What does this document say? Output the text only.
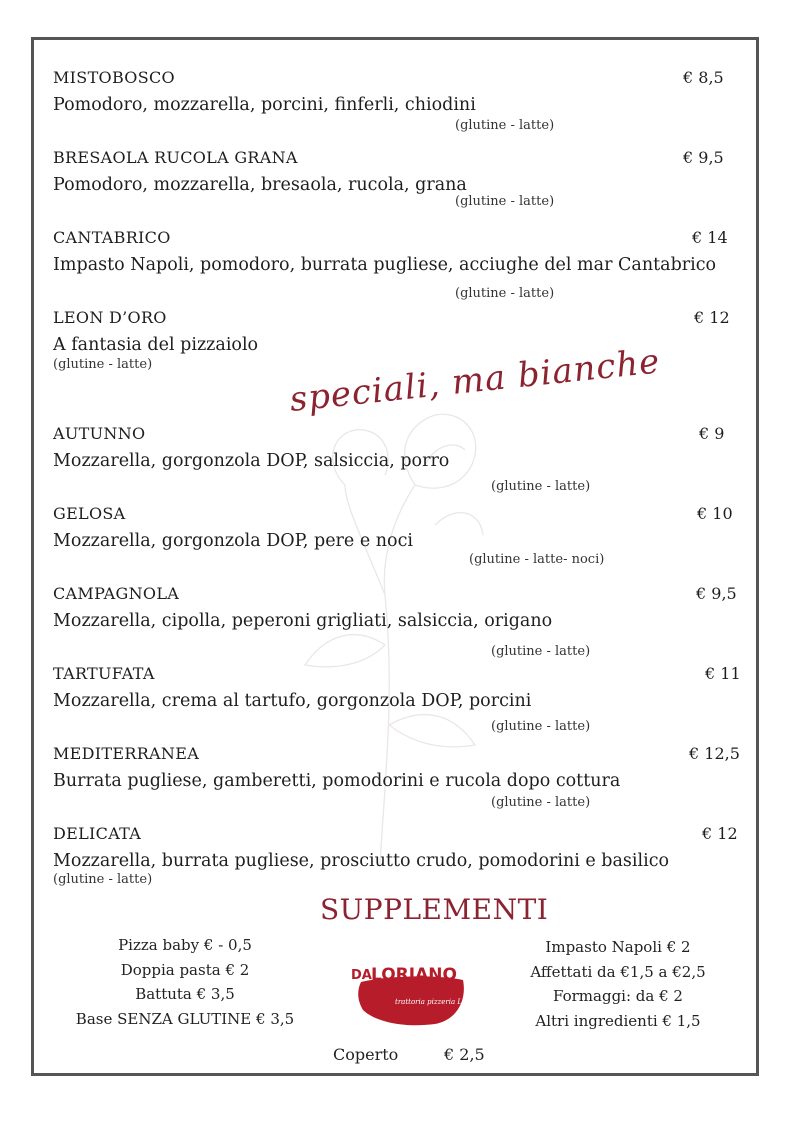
MISTOBOSCO	€ 8,5
Pomodoro, mozzarella, porcini, finferli, chiodini
(glutine - latte)
BRESAOLA RUCOLA GRANA	€ 9,5
Pomodoro, mozzarella, bresaola, rucola, grana
(glutine - latte)
CANTABRICO	€ 14
Impasto Napoli, pomodoro, burrata pugliese, acciughe del mar Cantabrico
(glutine - latte)
LEON D’ORO	€ 12
A fantasia del pizzaiolo
(glutine - latte)	speciali, ma bianche
AUTUNNO	€ 9
Mozzarella, gorgonzola DOP, salsiccia, porro
(glutine - latte)
GELOSA	€ 10
Mozzarella, gorgonzola DOP, pere e noci
(glutine - latte- noci)
CAMPAGNOLA	€ 9,5
Mozzarella, cipolla, peperoni grigliati, salsiccia, origano
(glutine - latte)
TARTUFATA	€ 11
Mozzarella, crema al tartufo, gorgonzola DOP, porcini
(glutine - latte)
MEDITERRANEA	€ 12,5
Burrata pugliese, gamberetti, pomodorini e rucola dopo cottura
(glutine - latte)
DELICATA	€ 12
Mozzarella, burrata pugliese, prosciutto crudo, pomodorini e basilico
(glutine - latte)
SUPPLEMENTI
Pizza baby € - 0,5
Doppia pasta € 2
Battuta € 3,5
Base SENZA GLUTINE € 3,5
Impasto Napoli € 2
Affettati da €1,5 a €2,5
Formaggi: da € 2
Altri ingredienti € 1,5
DA LORIANO
trattoria pizzeria Loriano
Coperto	€ 2,5
